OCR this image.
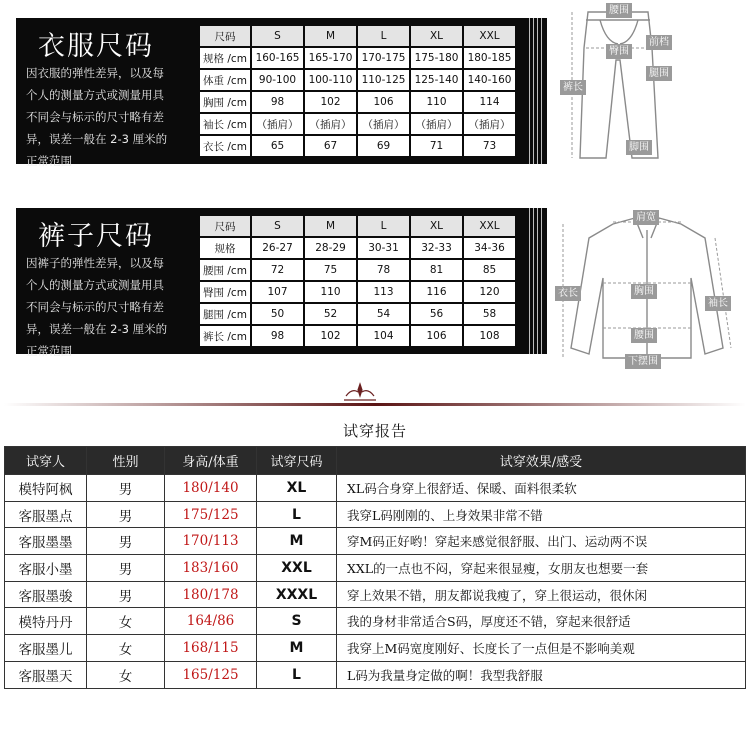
衣服尺码
因衣服的弹性差异，以及每
个人的测量方式或测量用具
不同会与标示的尺寸略有差
异，误差一般在 2-3 厘米的
正常范围
尺码	S	M	L	XL	XXL
规格 /cm	160-165	165-170	170-175	175-180	180-185
体重 /cm	90-100	100-110	110-125	125-140	140-160
胸围 /cm	98	102	106	110	114
袖长 /cm	（插肩）	（插肩）	（插肩）	（插肩）	（插肩）
衣长 /cm	65	67	69	71	73
裤子尺码
因裤子的弹性差异，以及每
个人的测量方式或测量用具
不同会与标示的尺寸略有差
异，误差一般在 2-3 厘米的
正常范围
尺码	S	M	L	XL	XXL
规格	26-27	28-29	30-31	32-33	34-36
腰围 /cm	72	75	78	81	85
臀围 /cm	107	110	113	116	120
腿围 /cm	50	52	54	56	58
裤长 /cm	98	102	104	106	108
腰围
臀围
前档
腿围
裤长
脚围
肩宽
衣长	胸围
袖长
腰围
下摆围
试穿报告
试穿人	性别	身高/体重	试穿尺码	试穿效果/感受
模特阿枫	男	180/140	XL	XL码合身穿上很舒适、保暖、面料很柔软
客服墨点	男	175/125	L	我穿L码刚刚的、上身效果非常不错
客服墨墨	男	170/113	M	穿M码正好哟！穿起来感觉很舒服、出门、运动两不误
客服小墨	男	183/160	XXL	XXL的一点也不闷，穿起来很显瘦，女朋友也想要一套
客服墨骏	男	180/178	XXXL	穿上效果不错，朋友都说我瘦了，穿上很运动，很休闲
模特丹丹	女	164/86	S	我的身材非常适合S码，厚度还不错，穿起来很舒适
客服墨儿	女	168/115	M	我穿上M码宽度刚好、长度长了一点但是不影响美观
客服墨天	女	165/125	L	L码为我量身定做的啊！我型我舒服
